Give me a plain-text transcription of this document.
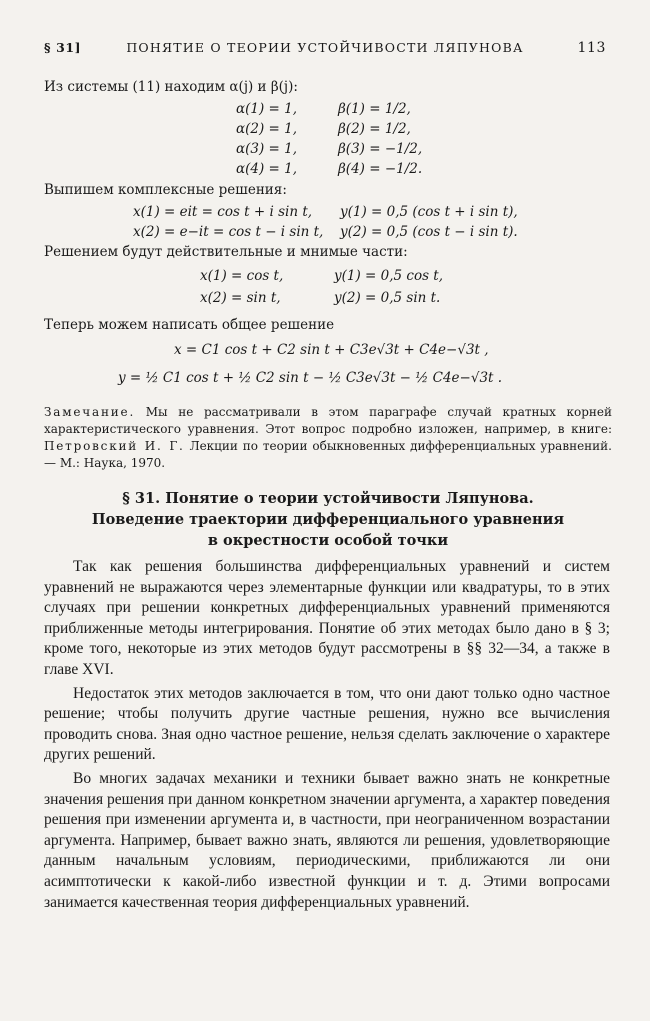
§ 31]	ПОНЯТИЕ О ТЕОРИИ УСТОЙЧИВОСТИ ЛЯПУНОВА	113
Из системы (11) находим α(j) и β(j):
α(1) = 1,
α(2) = 1,
α(3) = 1,
α(4) = 1,
β(1) = 1/2,
β(2) = 1/2,
β(3) = −1/2,
β(4) = −1/2.
Выпишем комплексные решения:
x(1) = eit = cos t + i sin t,
x(2) = e−it = cos t − i sin t,
y(1) = 0,5 (cos t + i sin t),
y(2) = 0,5 (cos t − i sin t).
Решением будут действительные и мнимые части:
x(1) = cos t,
x(2) = sin t,
y(1) = 0,5 cos t,
y(2) = 0,5 sin t.
Теперь можем написать общее решение
x = C1 cos t + C2 sin t + C3e√3t + C4e−√3t ,
y = ½ C1 cos t + ½ C2 sin t − ½ C3e√3t − ½ C4e−√3t .
Замечание. Мы не рассматривали в этом параграфе случай кратных корней характеристического уравнения. Этот вопрос подробно изложен, например, в книге: Петровский И. Г. Лекции по теории обыкновенных дифференциальных уравнений.— М.: Наука, 1970.
§ 31. Понятие о теории устойчивости Ляпунова.
Поведение траектории дифференциального уравнения
в окрестности особой точки

Так как решения большинства дифференциальных уравнений и систем уравнений не выражаются через элементарные функции или квадратуры, то в этих случаях при решении конкретных дифференциальных уравнений применяются приближенные методы интегрирования. Понятие об этих методах было дано в § 3; кроме того, некоторые из этих методов будут рассмотрены в §§ 32—34, а также в главе XVI.

Недостаток этих методов заключается в том, что они дают только одно частное решение; чтобы получить другие частные решения, нужно все вычисления проводить снова. Зная одно частное решение, нельзя сделать заключение о характере других решений.

Во многих задачах механики и техники бывает важно знать не конкретные значения решения при данном конкретном значении аргумента, а характер поведения решения при изменении аргумента и, в частности, при неограниченном возрастании аргумента. Например, бывает важно знать, являются ли решения, удовлетворяющие данным начальным условиям, периодическими, приближаются ли они асимптотически к какой-либо известной функции и т. д. Этими вопросами занимается качественная теория дифференциальных уравнений.
